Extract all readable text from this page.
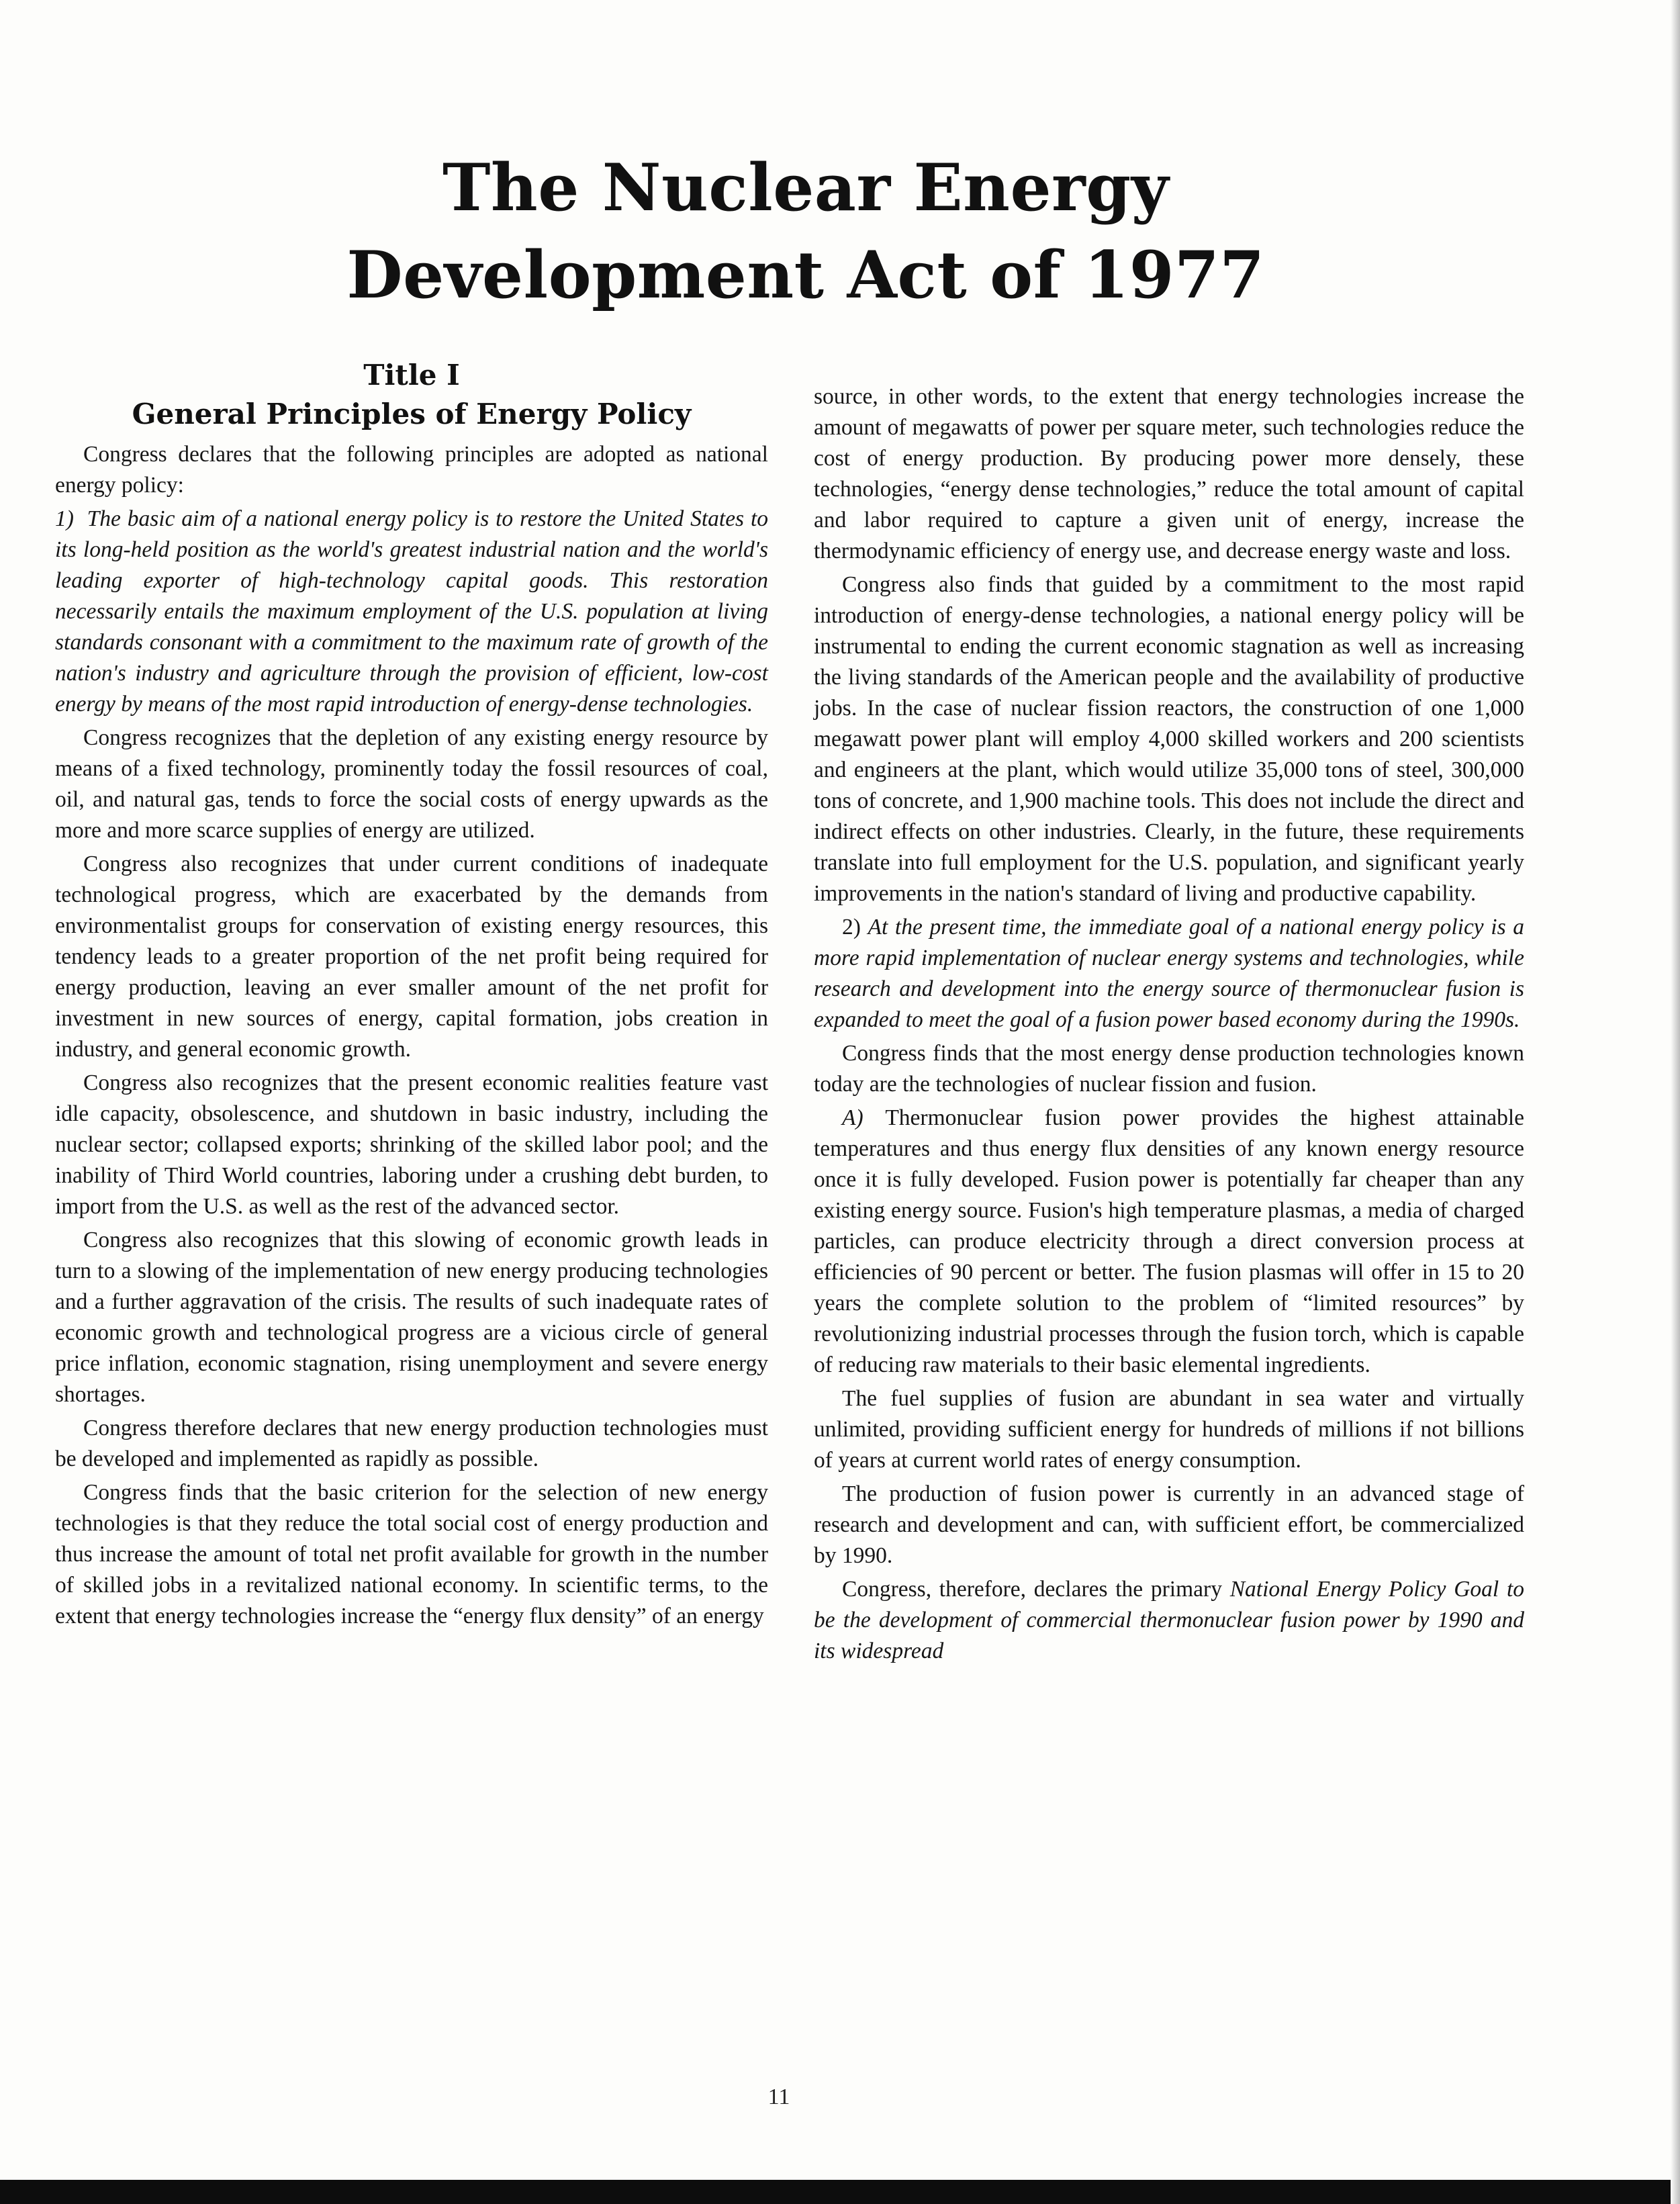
The Nuclear Energy
Development Act of 1977
Title I
General Principles of Energy Policy

Congress declares that the following principles are adopted as national energy policy:

1) The basic aim of a national energy policy is to restore the United States to its long-held position as the world's greatest industrial nation and the world's leading exporter of high-technology capital goods. This restoration necessarily entails the maximum employment of the U.S. population at living standards consonant with a commitment to the maximum rate of growth of the nation's industry and agriculture through the provision of efficient, low-cost energy by means of the most rapid introduction of energy-dense technologies.

Congress recognizes that the depletion of any existing energy resource by means of a fixed technology, prominently today the fossil resources of coal, oil, and natural gas, tends to force the social costs of energy upwards as the more and more scarce supplies of energy are utilized.

Congress also recognizes that under current conditions of inadequate technological progress, which are exacerbated by the demands from environmentalist groups for conservation of existing energy resources, this tendency leads to a greater proportion of the net profit being required for energy production, leaving an ever smaller amount of the net profit for investment in new sources of energy, capital formation, jobs creation in industry, and general economic growth.

Congress also recognizes that the present economic realities feature vast idle capacity, obsolescence, and shutdown in basic industry, including the nuclear sector; collapsed exports; shrinking of the skilled labor pool; and the inability of Third World countries, laboring under a crushing debt burden, to import from the U.S. as well as the rest of the advanced sector.

Congress also recognizes that this slowing of economic growth leads in turn to a slowing of the implementation of new energy producing technologies and a further aggravation of the crisis. The results of such inadequate rates of economic growth and technological progress are a vicious circle of general price inflation, economic stagnation, rising unemployment and severe energy shortages.

Congress therefore declares that new energy production technologies must be developed and implemented as rapidly as possible.

Congress finds that the basic criterion for the selection of new energy technologies is that they reduce the total social cost of energy production and thus increase the amount of total net profit available for growth in the number of skilled jobs in a revitalized national economy. In scientific terms, to the extent that energy technologies increase the “energy flux density” of an energy

source, in other words, to the extent that energy technologies increase the amount of megawatts of power per square meter, such technologies reduce the cost of energy production. By producing power more densely, these technologies, “energy dense technologies,” reduce the total amount of capital and labor required to capture a given unit of energy, increase the thermodynamic efficiency of energy use, and decrease energy waste and loss.

Congress also finds that guided by a commitment to the most rapid introduction of energy-dense technologies, a national energy policy will be instrumental to ending the current economic stagnation as well as increasing the living standards of the American people and the availability of productive jobs. In the case of nuclear fission reactors, the construction of one 1,000 megawatt power plant will employ 4,000 skilled workers and 200 scientists and engineers at the plant, which would utilize 35,000 tons of steel, 300,000 tons of concrete, and 1,900 machine tools. This does not include the direct and indirect effects on other industries. Clearly, in the future, these requirements translate into full employment for the U.S. population, and significant yearly improvements in the nation's standard of living and productive capability.

2) At the present time, the immediate goal of a national energy policy is a more rapid implementation of nuclear energy systems and technologies, while research and development into the energy source of thermonuclear fusion is expanded to meet the goal of a fusion power based economy during the 1990s.

Congress finds that the most energy dense production technologies known today are the technologies of nuclear fission and fusion.

A) Thermonuclear fusion power provides the highest attainable temperatures and thus energy flux densities of any known energy resource once it is fully developed. Fusion power is potentially far cheaper than any existing energy source. Fusion's high temperature plasmas, a media of charged particles, can produce electricity through a direct conversion process at efficiencies of 90 percent or better. The fusion plasmas will offer in 15 to 20 years the complete solution to the problem of “limited resources” by revolutionizing industrial processes through the fusion torch, which is capable of reducing raw materials to their basic elemental ingredients.

The fuel supplies of fusion are abundant in sea water and virtually unlimited, providing sufficient energy for hundreds of millions if not billions of years at current world rates of energy consumption.

The production of fusion power is currently in an advanced stage of research and development and can, with sufficient effort, be commercialized by 1990.

Congress, therefore, declares the primary National Energy Policy Goal to be the development of commercial thermonuclear fusion power by 1990 and its widespread

11
